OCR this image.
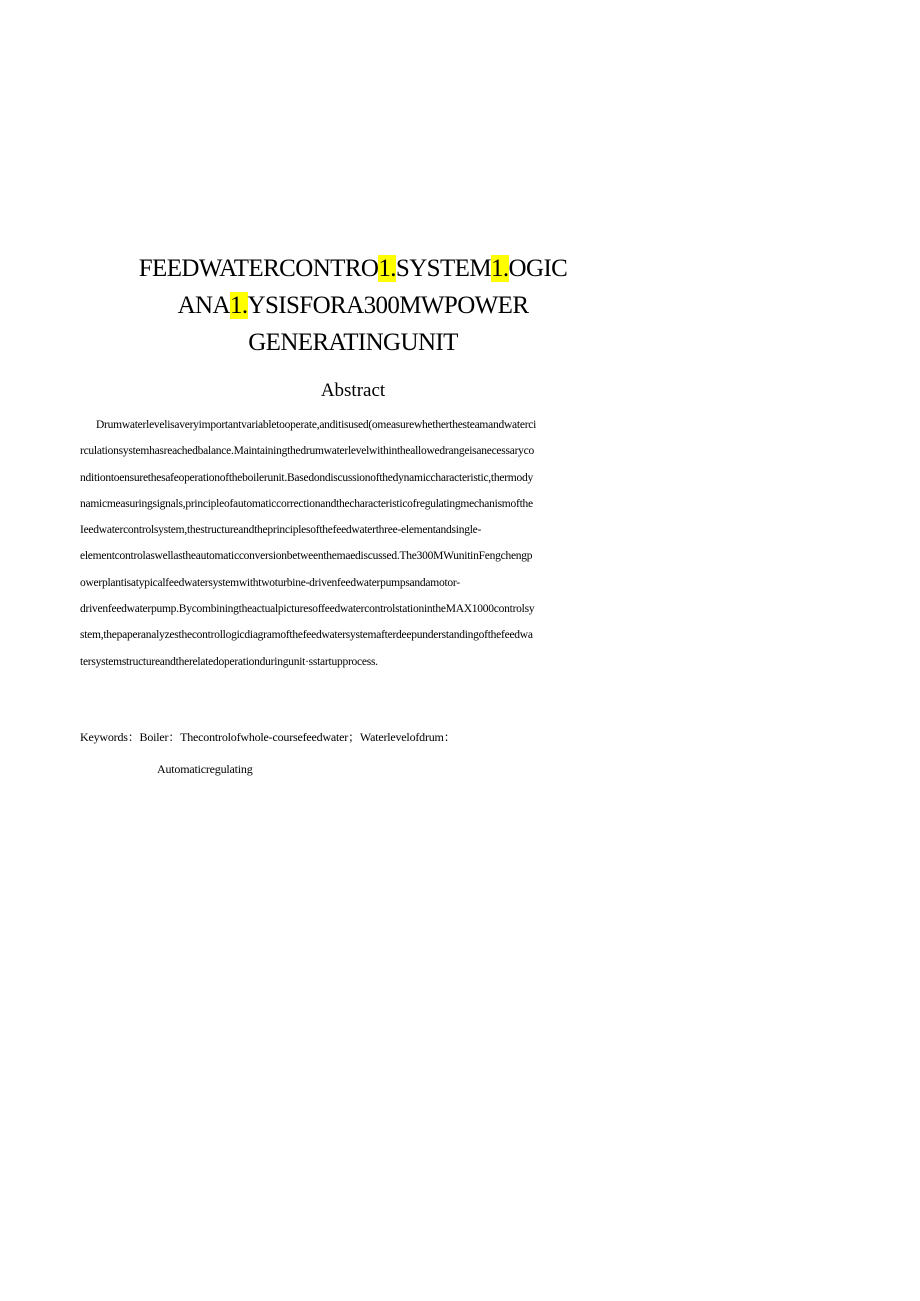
FEEDWATERCONTRO1.SYSTEM1.OGIC
ANA1.YSISFORA300MWPOWER
GENERATINGUNIT
Abstract
Drumwaterlevelisaveryimportantvariabletooperate,anditisused(omeasurewhetherthesteamandwaterci
rculationsystemhasreachedbalance.Maintainingthedrumwaterlevelwithintheallowedrangeisanecessaryco
nditiontoensurethesafeoperationoftheboilerunit.Basedondiscussionofthedynamiccharacteristic,thermody
namicmeasuringsignals,principleofautomaticcorrectionandthecharacteristicofregulatingmechanismofthe
Ieedwatercontrolsystem,thestructureandtheprinciplesofthefeedwaterthree-elementandsingle-
elementcontrolaswellastheautomaticconversionbetweenthemaediscussed.The300MWunitinFengchengp
owerplantisatypicalfeedwatersystemwithtwoturbine-drivenfeedwaterpumpsandamotor-
drivenfeedwaterpump.BycombiningtheactualpicturesoffeedwatercontrolstationintheMAX1000controlsy
stem,thepaperanalyzesthecontrollogicdiagramofthefeedwatersystemafterdeepunderstandingofthefeedwa
tersystemstructureandtherelatedoperationduringunit·sstartupprocess.
Keywords：Boiler：Thecontrolofwhole-coursefeedwater；Waterlevelofdrum：
Automaticregulating
